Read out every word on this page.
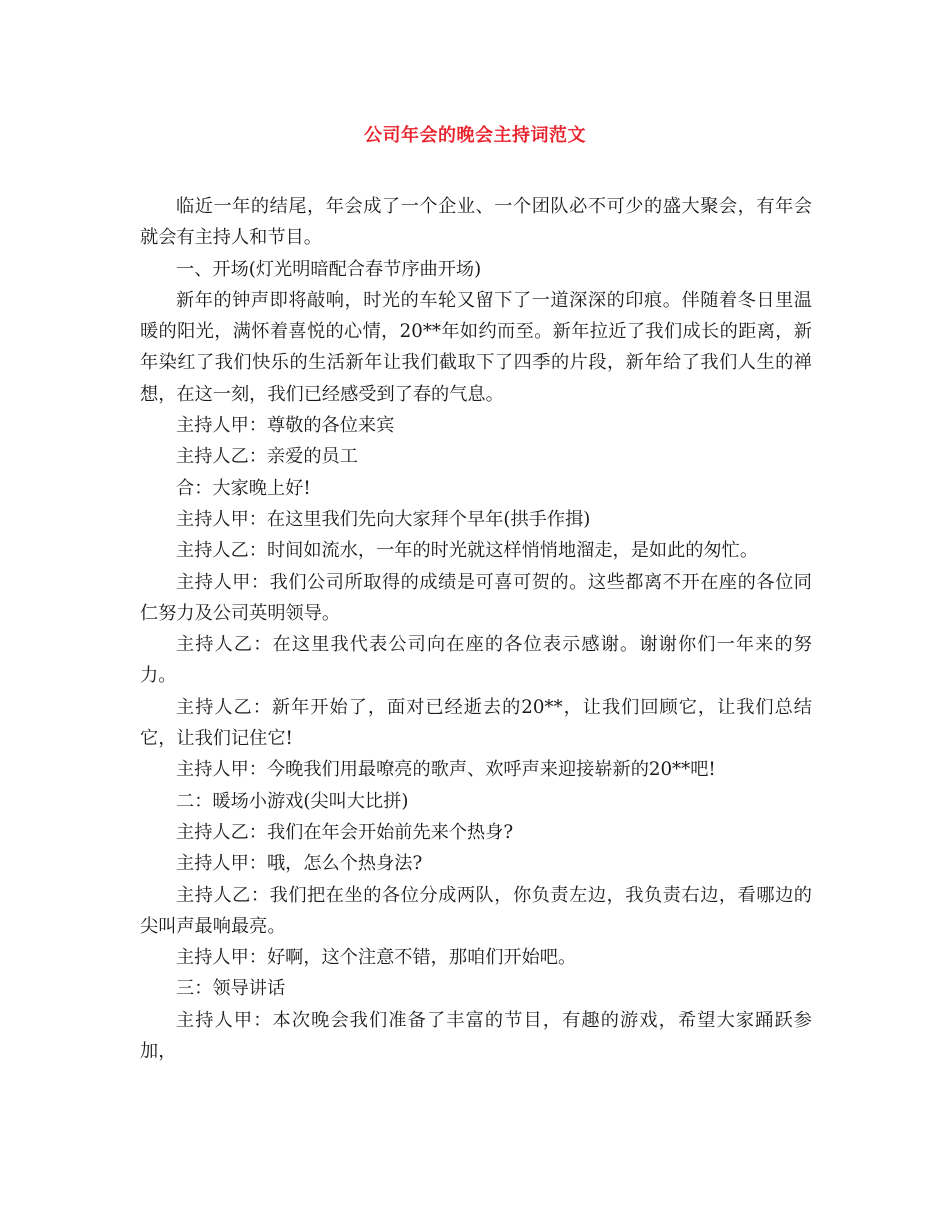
公司年会的晚会主持词范文

临近一年的结尾，年会成了一个企业、一个团队必不可少的盛大聚会，有年会就会有主持人和节目。

一、开场(灯光明暗配合春节序曲开场)

新年的钟声即将敲响，时光的车轮又留下了一道深深的印痕。伴随着冬日里温暖的阳光，满怀着喜悦的心情，20**年如约而至。新年拉近了我们成长的距离，新年染红了我们快乐的生活新年让我们截取下了四季的片段，新年给了我们人生的禅想，在这一刻，我们已经感受到了春的气息。

主持人甲：尊敬的各位来宾

主持人乙：亲爱的员工

合：大家晚上好!

主持人甲：在这里我们先向大家拜个早年(拱手作揖)

主持人乙：时间如流水，一年的时光就这样悄悄地溜走，是如此的匆忙。

主持人甲：我们公司所取得的成绩是可喜可贺的。这些都离不开在座的各位同仁努力及公司英明领导。

主持人乙：在这里我代表公司向在座的各位表示感谢。谢谢你们一年来的努力。

主持人乙：新年开始了，面对已经逝去的20**，让我们回顾它，让我们总结它，让我们记住它!

主持人甲：今晚我们用最嘹亮的歌声、欢呼声来迎接崭新的20**吧!

二：暖场小游戏(尖叫大比拼)

主持人乙：我们在年会开始前先来个热身?

主持人甲：哦，怎么个热身法?

主持人乙：我们把在坐的各位分成两队，你负责左边，我负责右边，看哪边的尖叫声最响最亮。

主持人甲：好啊，这个注意不错，那咱们开始吧。

三：领导讲话

主持人甲：本次晚会我们准备了丰富的节目，有趣的游戏，希望大家踊跃参加，
